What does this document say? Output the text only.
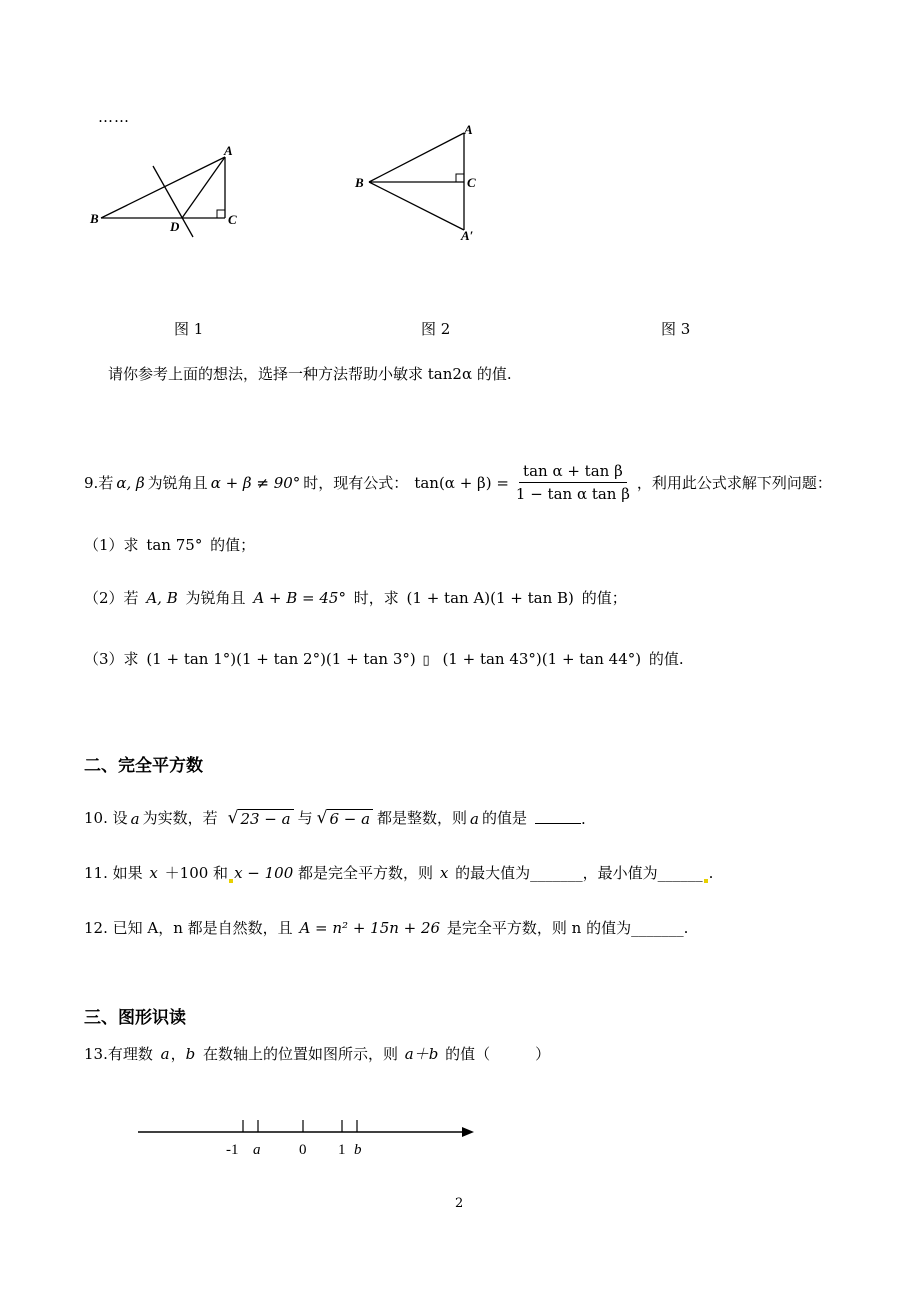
……
A
B	C
D
A
B	C
A′
图 1	图 2	图 3
请你参考上面的想法，选择一种方法帮助小敏求 tan2α 的值.
9. 若 α, β 为锐角且 α + β ≠ 90° 时，现有公式： $\tan(\alpha + \beta) = \frac{\text{tan α + tan β}}{\text{1 − tan α tan β}}$ ，利用此公式求解下列问题：
（1）求 tan 75° 的值；
（2）若 A, B 为锐角且 A + B = 45° 时，求 (1 + tan A)(1 + tan B) 的值；
（3）求 (1 + tan 1°)(1 + tan 2°)(1 + tan 3°) ▯ (1 + tan 43°)(1 + tan 44°) 的值.
二、完全平方数
10. 设 a 为实数，若 √ 23 − a 与 √ 6 − a 都是整数，则 a 的值是	.
11. 如果 x ＋100 和 x − 100 都是完全平方数，则 x 的最大值为_______，最小值为______ .
12. 已知 A，n 都是自然数，且 A = n² + 15n + 26 是完全平方数，则 n 的值为_______.
三、图形识读
13.有理数 a，b 在数轴上的位置如图所示，则 a＋b 的值（　　　）
-1 a	0 1 b
2
